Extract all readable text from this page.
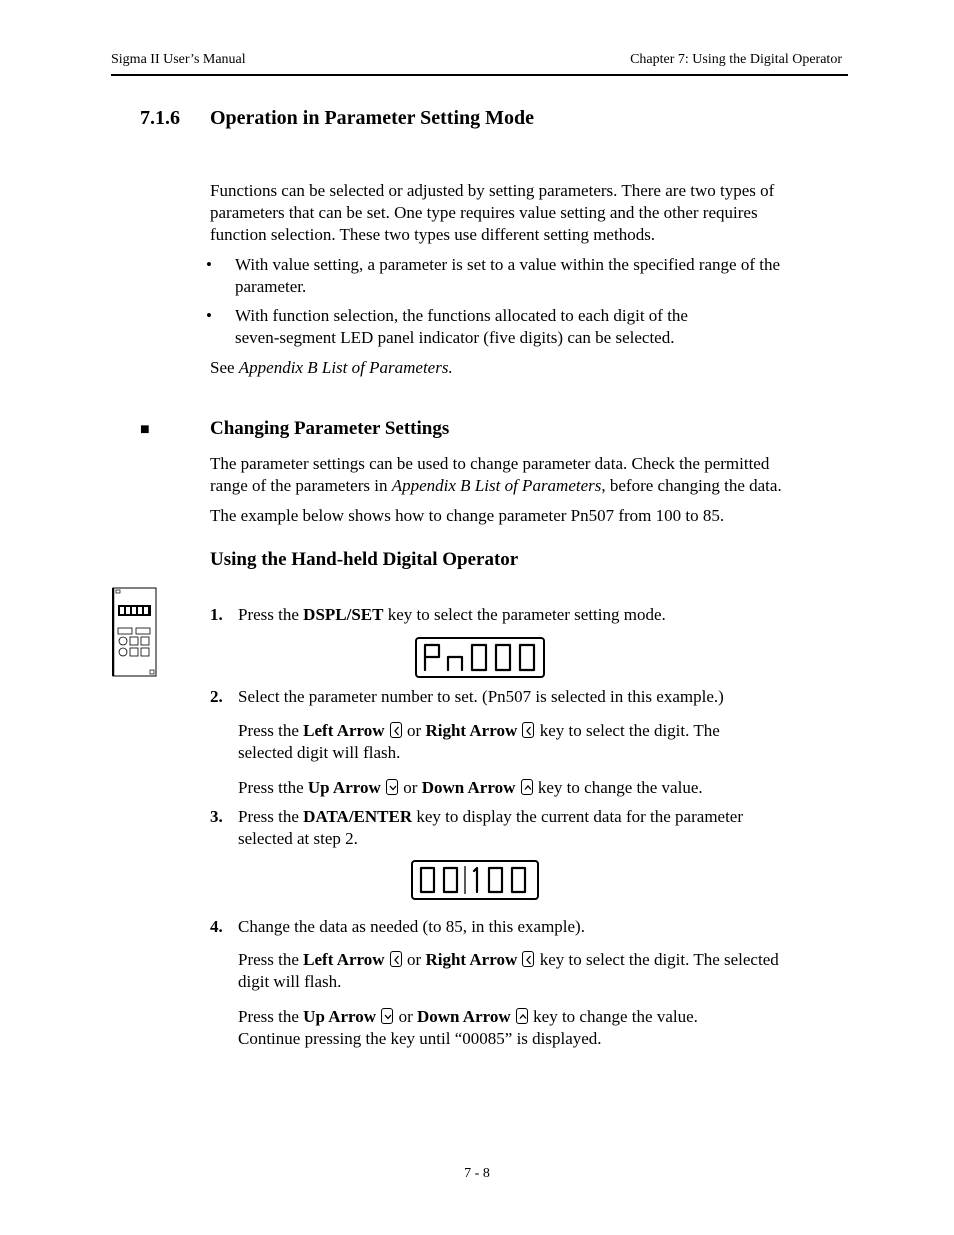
Sigma II User’s Manual	Chapter 7: Using the Digital Operator
7.1.6 Operation in Parameter Setting Mode
Functions can be selected or adjusted by setting parameters. There are two types of
parameters that can be set. One type requires value setting and the other requires
function selection. These two types use different setting methods.
• With value setting, a parameter is set to a value within the specified range of the
parameter.
• With function selection, the functions allocated to each digit of the
seven-segment LED panel indicator (five digits) can be selected.
See Appendix B List of Parameters.
■	Changing Parameter Settings
The parameter settings can be used to change parameter data. Check the permitted
range of the parameters in Appendix B List of Parameters, before changing the data.
The example below shows how to change parameter Pn507 from 100 to 85.
Using the Hand-held Digital Operator
1. Press the DSPL/SET key to select the parameter setting mode.
2. Select the parameter number to set. (Pn507 is selected in this example.)
Press the Left Arrow
or Right Arrow
key to select the digit. The
selected digit will flash.
Press tthe Up Arrow
or Down Arrow
key to change the value.
3. Press the DATA/ENTER key to display the current data for the parameter
selected at step 2.
4. Change the data as needed (to 85, in this example).
Press the Left Arrow
or Right Arrow
key to select the digit. The selected
digit will flash.
Press the Up Arrow
or Down Arrow
key to change the value.
Continue pressing the key until “00085” is displayed.
7 - 8
